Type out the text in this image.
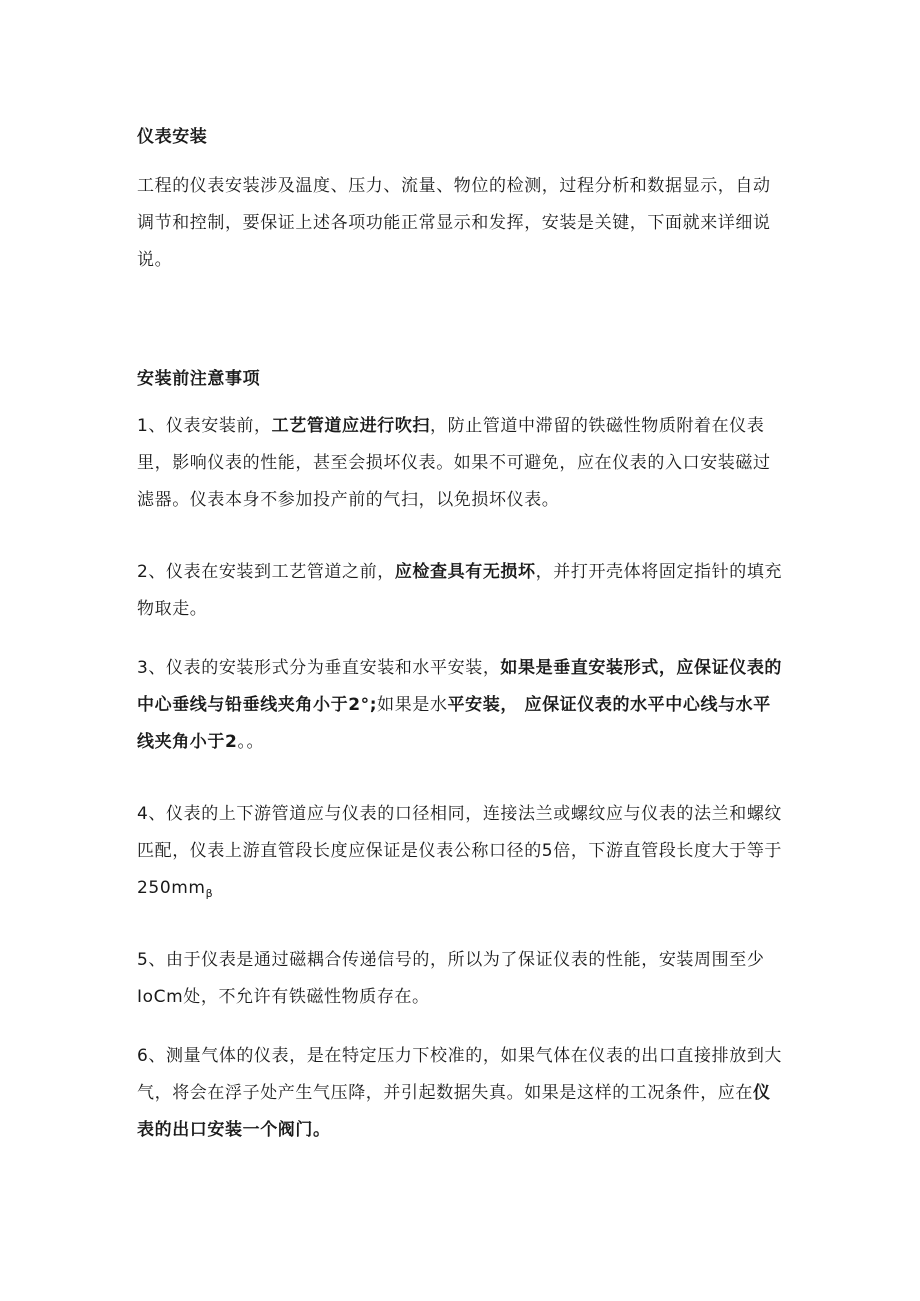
仪表安装
工程的仪表安装涉及温度、压力、流量、物位的检测，过程分析和数据显示，自动调节和控制，要保证上述各项功能正常显示和发挥，安装是关键，下面就来详细说说。
安装前注意事项
1、仪表安装前，工艺管道应进行吹扫，防止管道中滞留的铁磁性物质附着在仪表里，影响仪表的性能，甚至会损坏仪表。如果不可避免，应在仪表的入口安装磁过滤器。仪表本身不参加投产前的气扫，以免损坏仪表。
2、仪表在安装到工艺管道之前，应检查具有无损坏，并打开壳体将固定指针的填充物取走。
3、仪表的安装形式分为垂直安装和水平安装，如果是垂直安装形式，应保证仪表的中心垂线与铅垂线夹角小于2°;如果是水平安装， 应保证仪表的水平中心线与水平线夹角小于2。。
4、仪表的上下游管道应与仪表的口径相同，连接法兰或螺纹应与仪表的法兰和螺纹匹配，仪表上游直管段长度应保证是仪表公称口径的5倍，下游直管段长度大于等于$250mm_\beta$
5、由于仪表是通过磁耦合传递信号的，所以为了保证仪表的性能，安装周围至少IoCm处，不允许有铁磁性物质存在。
6、测量气体的仪表，是在特定压力下校准的，如果气体在仪表的出口直接排放到大气，将会在浮子处产生气压降，并引起数据失真。如果是这样的工况条件，应在仪表的出口安装一个阀门。
